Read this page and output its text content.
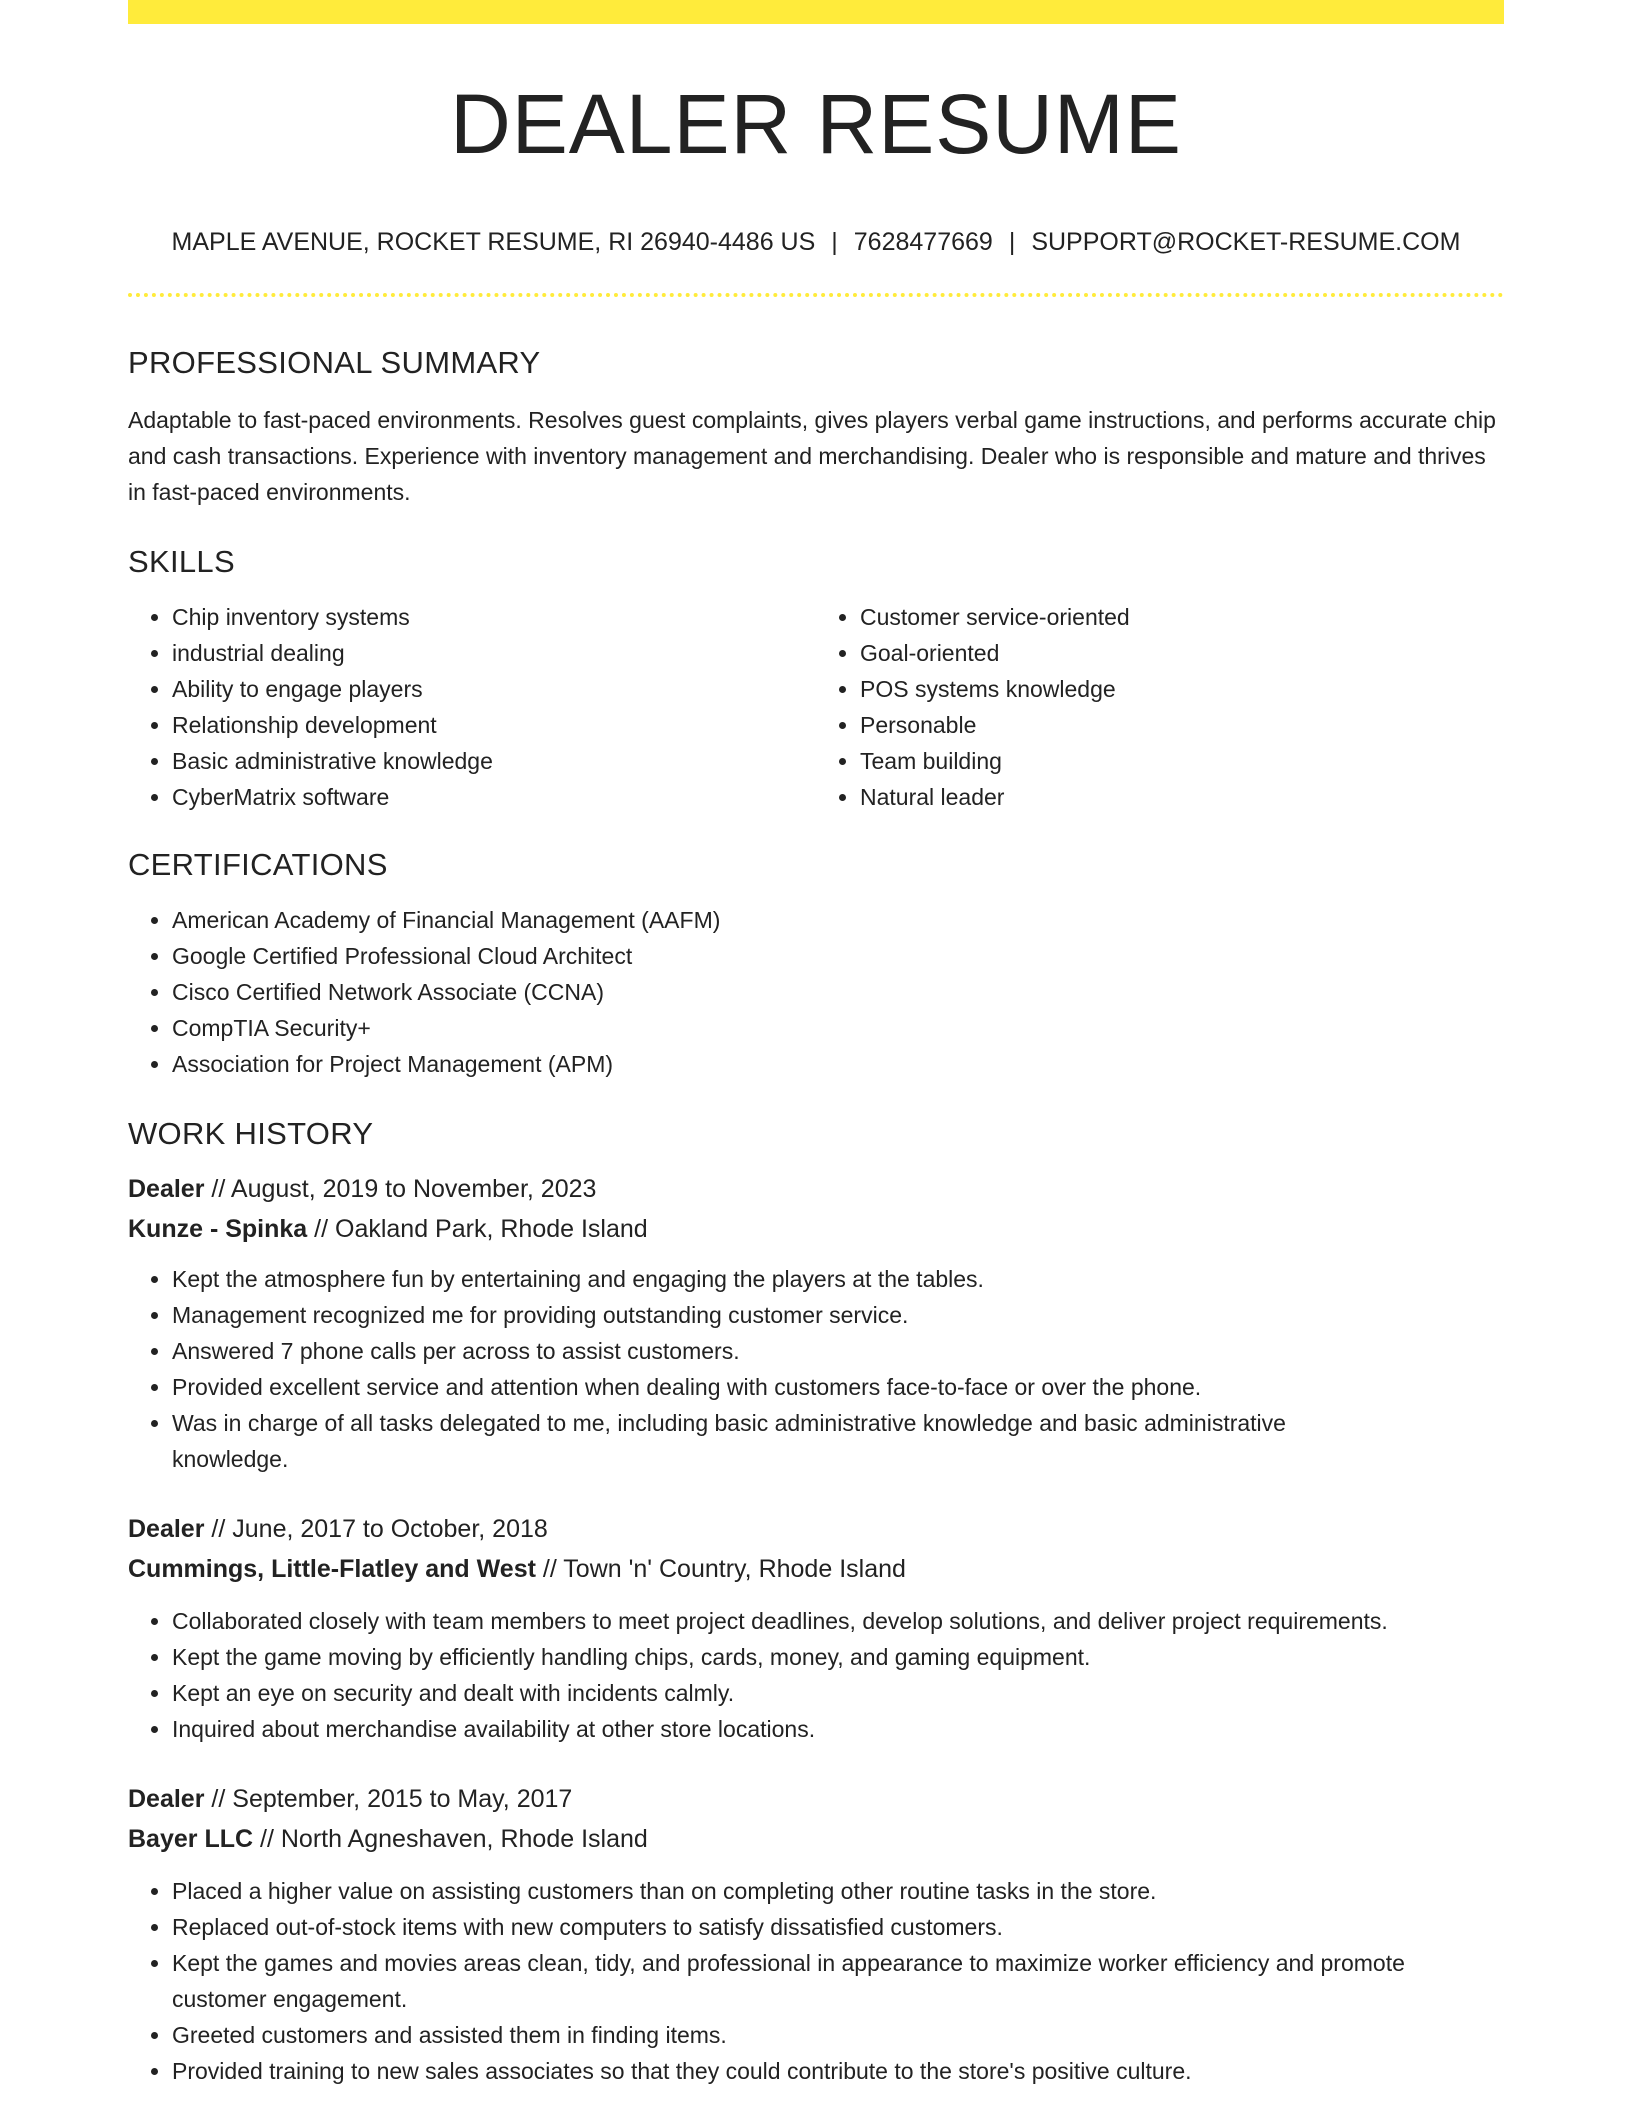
DEALER RESUME
MAPLE AVENUE, ROCKET RESUME, RI 26940-4486 US | 7628477669 | SUPPORT@ROCKET-RESUME.COM
PROFESSIONAL SUMMARY

Adaptable to fast-paced environments. Resolves guest complaints, gives players verbal game instructions, and performs accurate chip and cash transactions. Experience with inventory management and merchandising. Dealer who is responsible and mature and thrives in fast-paced environments.

SKILLS
• Chip inventory systems
• industrial dealing
• Ability to engage players
• Relationship development
• Basic administrative knowledge
• CyberMatrix software
• Customer service-oriented
• Goal-oriented
• POS systems knowledge
• Personable
• Team building
• Natural leader
CERTIFICATIONS
• American Academy of Financial Management (AAFM)
• Google Certified Professional Cloud Architect
• Cisco Certified Network Associate (CCNA)
• CompTIA Security+
• Association for Project Management (APM)
WORK HISTORY
Dealer // August, 2019 to November, 2023
Kunze - Spinka // Oakland Park, Rhode Island
• Kept the atmosphere fun by entertaining and engaging the players at the tables.
• Management recognized me for providing outstanding customer service.
• Answered 7 phone calls per across to assist customers.
• Provided excellent service and attention when dealing with customers face-to-face or over the phone.
• Was in charge of all tasks delegated to me, including basic administrative knowledge and basic administrative knowledge.
Dealer // June, 2017 to October, 2018
Cummings, Little-Flatley and West // Town 'n' Country, Rhode Island
• Collaborated closely with team members to meet project deadlines, develop solutions, and deliver project requirements.
• Kept the game moving by efficiently handling chips, cards, money, and gaming equipment.
• Kept an eye on security and dealt with incidents calmly.
• Inquired about merchandise availability at other store locations.
Dealer // September, 2015 to May, 2017
Bayer LLC // North Agneshaven, Rhode Island
• Placed a higher value on assisting customers than on completing other routine tasks in the store.
• Replaced out-of-stock items with new computers to satisfy dissatisfied customers.
• Kept the games and movies areas clean, tidy, and professional in appearance to maximize worker efficiency and promote customer engagement.
• Greeted customers and assisted them in finding items.
• Provided training to new sales associates so that they could contribute to the store's positive culture.
